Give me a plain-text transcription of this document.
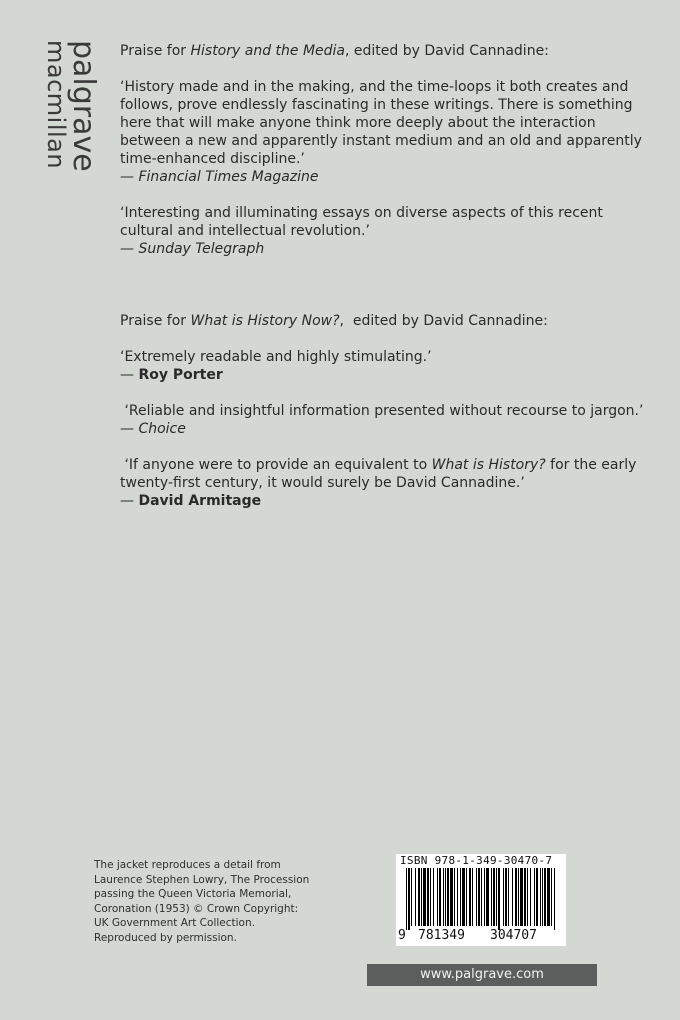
palgrave
macmillan	Praise for History and the Media, edited by David Cannadine:

‘History made and in the making, and the time-loops it both creates and follows, prove endlessly fascinating in these writings. There is something here that will make anyone think more deeply about the interaction between a new and apparently instant medium and an old and apparently time-enhanced discipline.’
— Financial Times Magazine

‘Interesting and illuminating essays on diverse aspects of this recent cultural and intellectual revolution.’
— Sunday Telegraph

Praise for What is History Now?,  edited by David Cannadine:

‘Extremely readable and highly stimulating.’
— Roy Porter

‘Reliable and insightful information presented without recourse to jargon.’
— Choice

‘If anyone were to provide an equivalent to What is History? for the early twenty-first century, it would surely be David Cannadine.’
— David Armitage

The jacket reproduces a detail from Laurence Stephen Lowry, The Procession passing the Queen Victoria Memorial, Coronation (1953) © Crown Copyright: UK Government Art Collection. Reproduced by permission.
ISBN 978-1-349-30470-7
9 781349 304707
www.palgrave.com
